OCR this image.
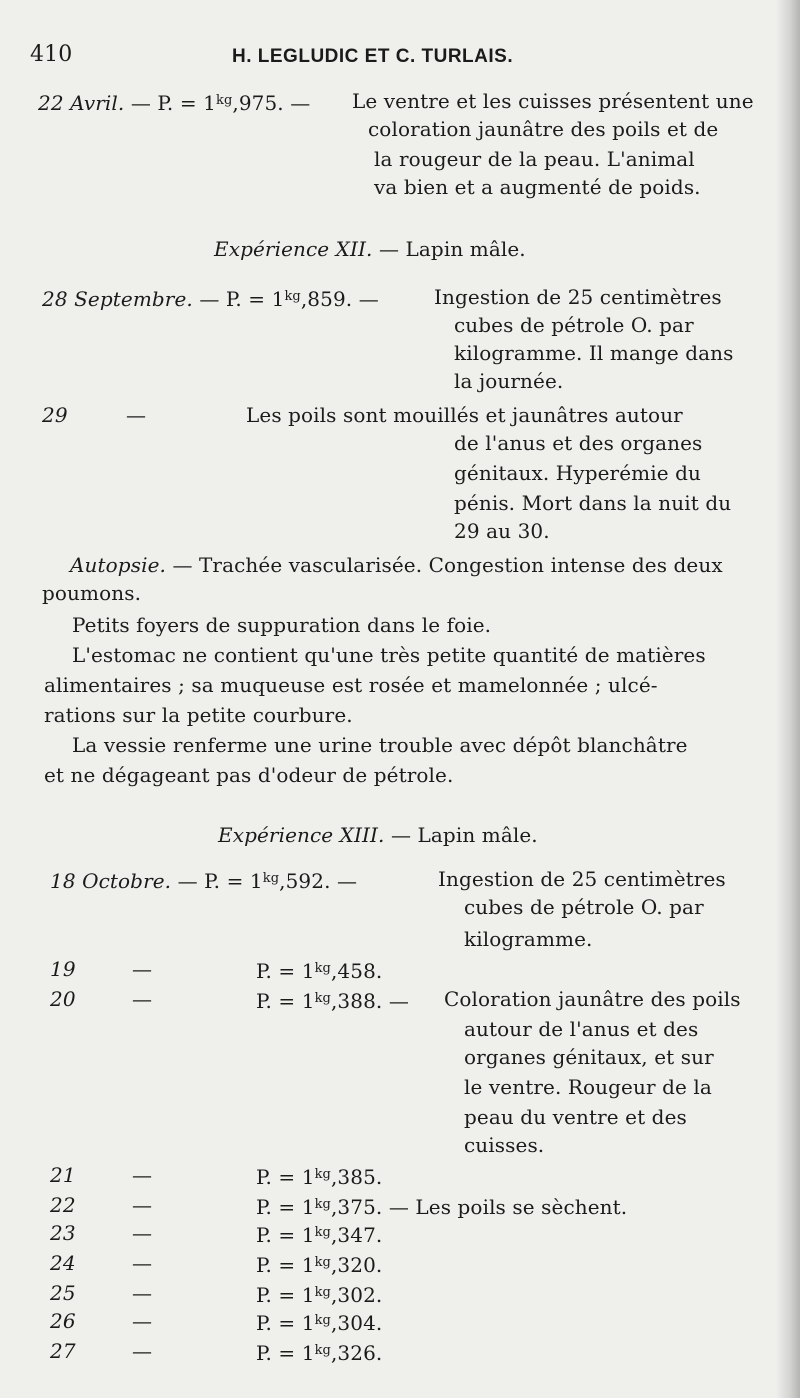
410	H. LEGLUDIC ET C. TURLAIS.
22 Avril. — P. = $1^{kg},975$. — Le ventre et les cuisses présentent une
coloration jaunâtre des poils et de
la rougeur de la peau. L'animal
va bien et a augmenté de poids.
Expérience XII. — Lapin mâle.
28 Septembre. — P. = $1^{kg},859$. —	Ingestion de 25 centimètres
cubes de pétrole O. par
kilogramme. Il mange dans
la journée.
29	—	Les poils sont mouillés et jaunâtres autour
de l'anus et des organes
génitaux. Hyperémie du
pénis. Mort dans la nuit du
29 au 30.
Autopsie. — Trachée vascularisée. Congestion intense des deux
poumons.
Petits foyers de suppuration dans le foie.
L'estomac ne contient qu'une très petite quantité de matières
alimentaires ; sa muqueuse est rosée et mamelonnée ; ulcé-
rations sur la petite courbure.
La vessie renferme une urine trouble avec dépôt blanchâtre
et ne dégageant pas d'odeur de pétrole.
Expérience XIII. — Lapin mâle.
18 Octobre. — P. = $1^{kg},592$. —	Ingestion de 25 centimètres
cubes de pétrole O. par
kilogramme.
19	—	P. = $1^{kg},458$.
20	—	P. = $1^{kg},388$. — Coloration jaunâtre des poils
autour de l'anus et des
organes génitaux, et sur
le ventre. Rougeur de la
peau du ventre et des
cuisses.
21	—	P. = $1^{kg},385$.
22	—	P. = $1^{kg},375$. — Les poils se sèchent.
23	—	P. = $1^{kg},347$.
24	—	P. = $1^{kg},320$.
25	—	P. = $1^{kg},302$.
26	—	P. = $1^{kg},304$.
27	—	P. = $1^{kg},326$.
